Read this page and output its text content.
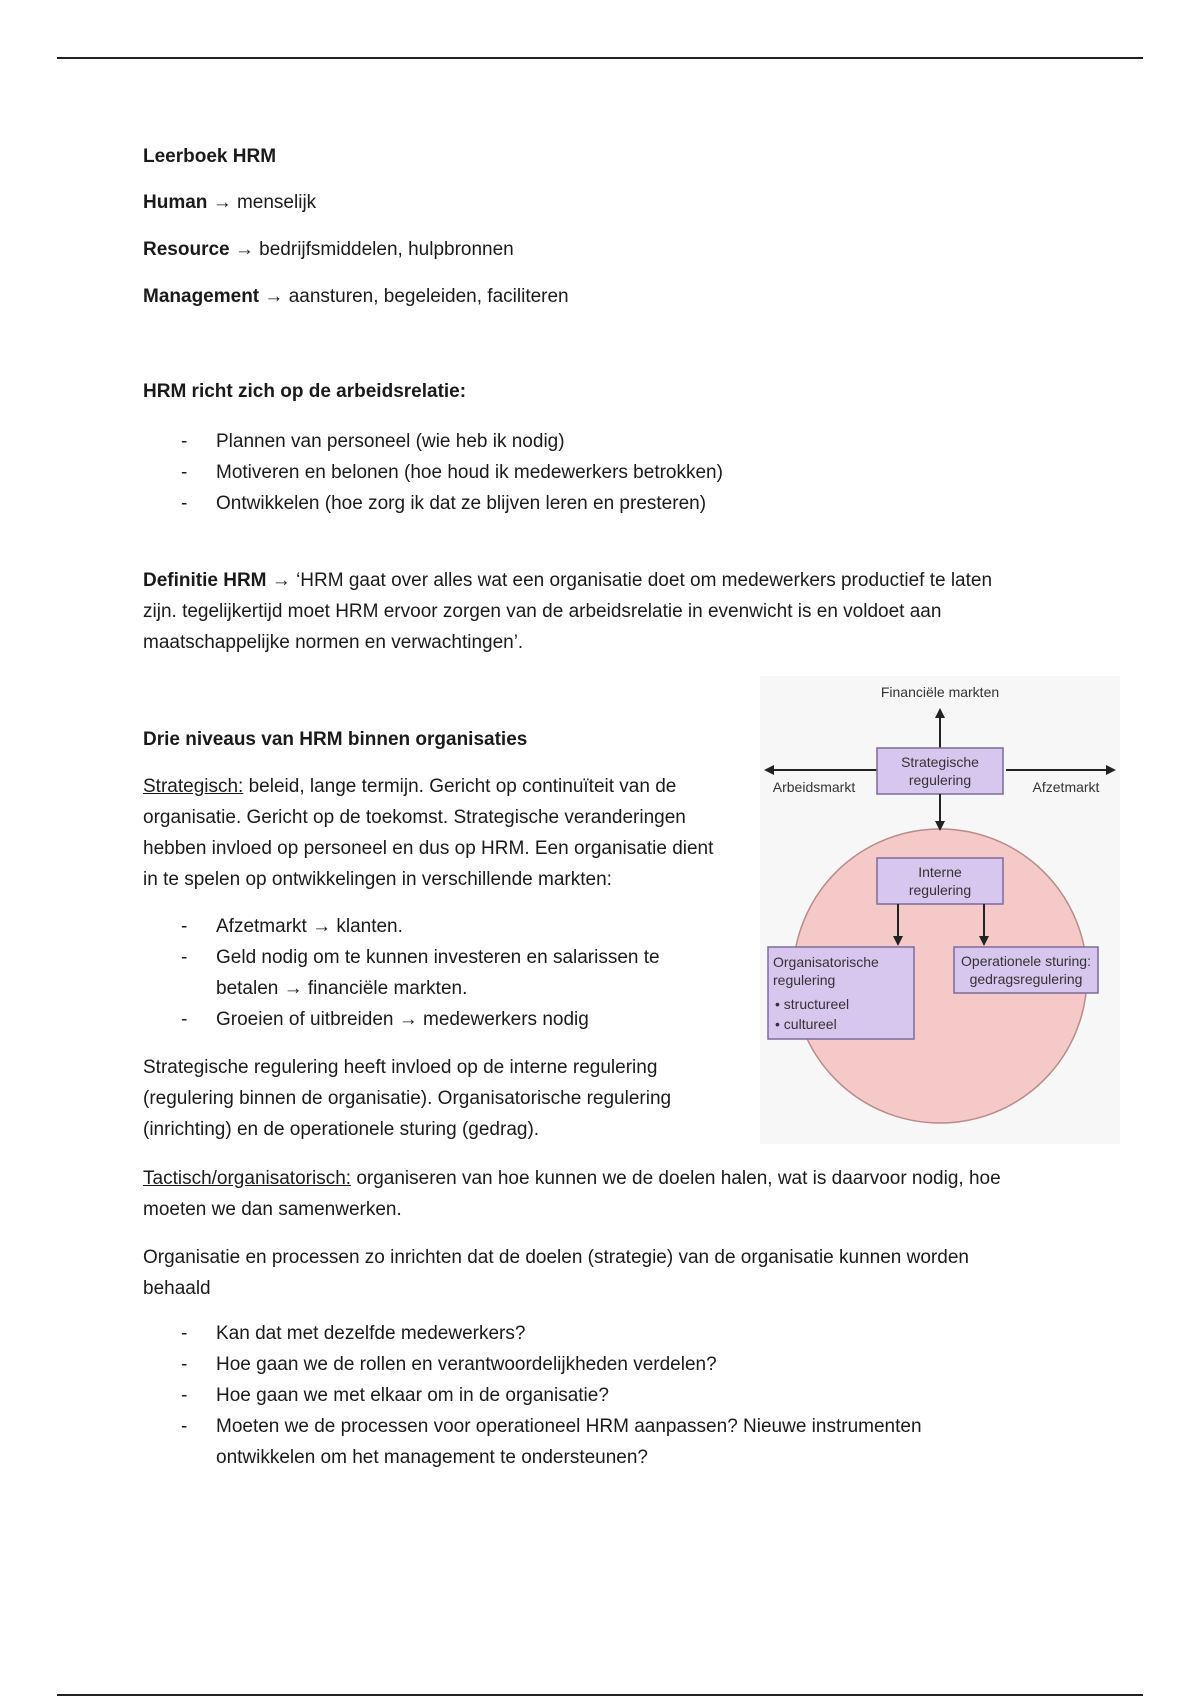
Leerboek HRM
Human → menselijk
Resource → bedrijfsmiddelen, hulpbronnen
Management → aansturen, begeleiden, faciliteren
HRM richt zich op de arbeidsrelatie:
- Plannen van personeel (wie heb ik nodig)
- Motiveren en belonen (hoe houd ik medewerkers betrokken)
- Ontwikkelen (hoe zorg ik dat ze blijven leren en presteren)
Definitie HRM → ‘HRM gaat over alles wat een organisatie doet om medewerkers productief te laten
zijn. tegelijkertijd moet HRM ervoor zorgen van de arbeidsrelatie in evenwicht is en voldoet aan
maatschappelijke normen en verwachtingen’.
Drie niveaus van HRM binnen organisaties
Strategisch: beleid, lange termijn. Gericht op continuïteit van de
organisatie. Gericht op de toekomst. Strategische veranderingen
hebben invloed op personeel en dus op HRM. Een organisatie dient
in te spelen op ontwikkelingen in verschillende markten:
- Afzetmarkt → klanten.
- Geld nodig om te kunnen investeren en salarissen te
betalen → financiële markten.
- Groeien of uitbreiden → medewerkers nodig
Strategische regulering heeft invloed op de interne regulering
(regulering binnen de organisatie). Organisatorische regulering
(inrichting) en de operationele sturing (gedrag).
Tactisch/organisatorisch: organiseren van hoe kunnen we de doelen halen, wat is daarvoor nodig, hoe
moeten we dan samenwerken.
Organisatie en processen zo inrichten dat de doelen (strategie) van de organisatie kunnen worden
behaald
- Kan dat met dezelfde medewerkers?
- Hoe gaan we de rollen en verantwoordelijkheden verdelen?
- Hoe gaan we met elkaar om in de organisatie?
- Moeten we de processen voor operationeel HRM aanpassen? Nieuwe instrumenten
ontwikkelen om het management te ondersteunen?
Financiële markten
Arbeidsmarkt	Afzetmarkt
Strategische
regulering
Interne
regulering
Organisatorische
regulering
• structureel
• cultureel
Operationele sturing:
gedragsregulering
